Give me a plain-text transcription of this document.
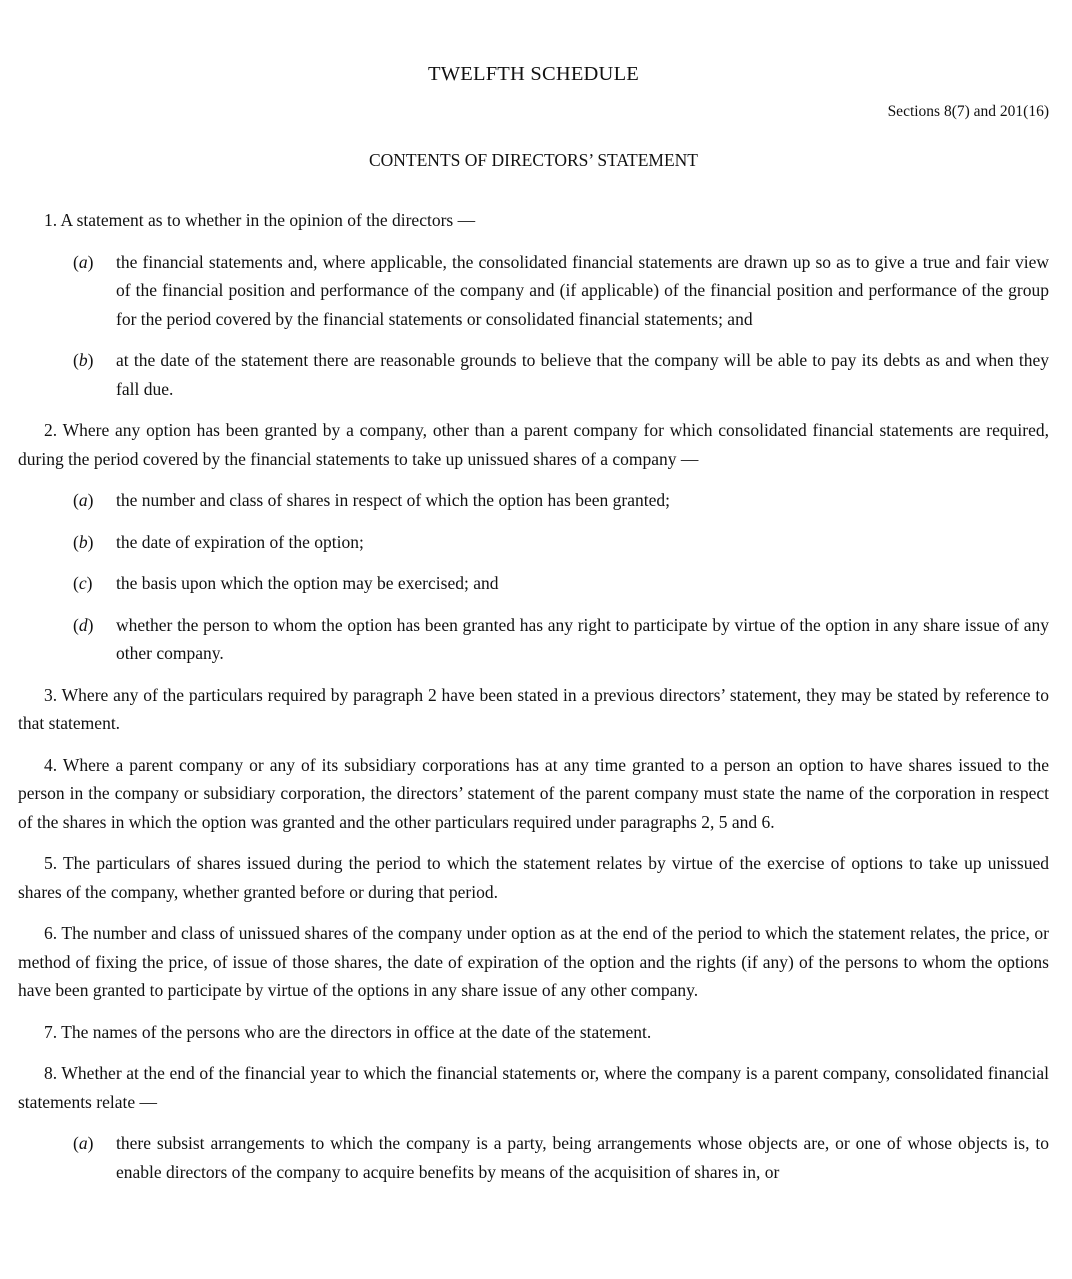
TWELFTH SCHEDULE
Sections 8(7) and 201(16)
CONTENTS OF DIRECTORS’ STATEMENT

1. A statement as to whether in the opinion of the directors —

(a)	the financial statements and, where applicable, the consolidated financial statements are drawn up so as to give a true and fair view of the financial position and performance of the company and (if applicable) of the financial position and performance of the group for the period covered by the financial statements or consolidated financial statements; and
(b)	at the date of the statement there are reasonable grounds to believe that the company will be able to pay its debts as and when they fall due.

2. Where any option has been granted by a company, other than a parent company for which consolidated financial statements are required, during the period covered by the financial statements to take up unissued shares of a company —

(a)	the number and class of shares in respect of which the option has been granted;
(b)	the date of expiration of the option;
(c)	the basis upon which the option may be exercised; and
(d)	whether the person to whom the option has been granted has any right to participate by virtue of the option in any share issue of any other company.

3. Where any of the particulars required by paragraph 2 have been stated in a previous directors’ statement, they may be stated by reference to that statement.

4. Where a parent company or any of its subsidiary corporations has at any time granted to a person an option to have shares issued to the person in the company or subsidiary corporation, the directors’ statement of the parent company must state the name of the corporation in respect of the shares in which the option was granted and the other particulars required under paragraphs 2, 5 and 6.

5. The particulars of shares issued during the period to which the statement relates by virtue of the exercise of options to take up unissued shares of the company, whether granted before or during that period.

6. The number and class of unissued shares of the company under option as at the end of the period to which the statement relates, the price, or method of fixing the price, of issue of those shares, the date of expiration of the option and the rights (if any) of the persons to whom the options have been granted to participate by virtue of the options in any share issue of any other company.

7. The names of the persons who are the directors in office at the date of the statement.

8. Whether at the end of the financial year to which the financial statements or, where the company is a parent company, consolidated financial statements relate —

(a)	there subsist arrangements to which the company is a party, being arrangements whose objects are, or one of whose objects is, to enable directors of the company to acquire benefits by means of the acquisition of shares in, or
